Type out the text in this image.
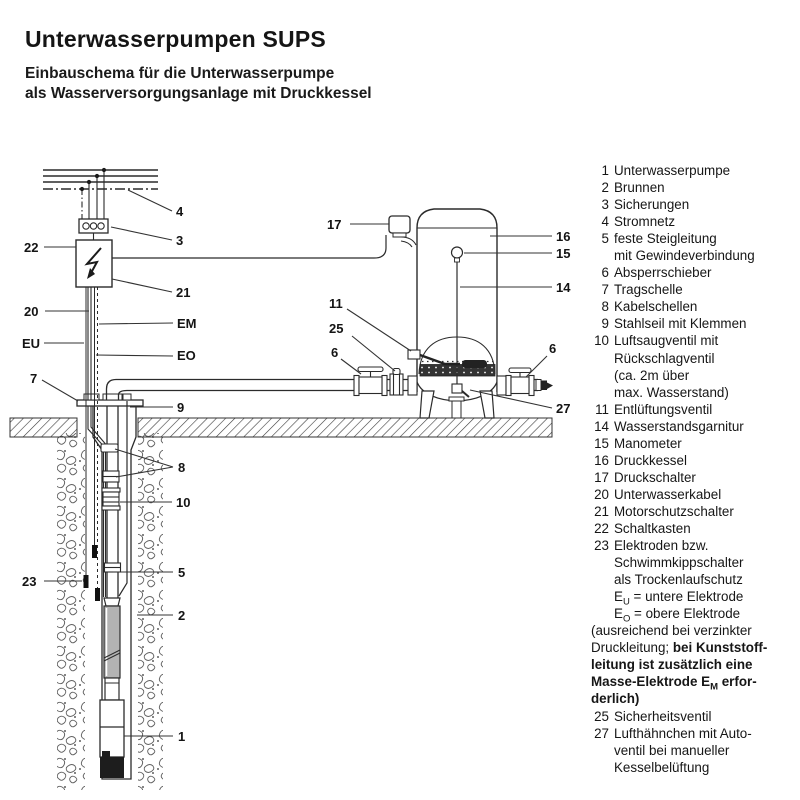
Unterwasserpumpen SUPS
Einbauschema für die Unterwasserpumpe
als Wasserversorgungsanlage mit Druckkessel
4
3
22
21
20
EM
EU
EO
7
9
17
16
15
14
11
25
6	6
27
8
10
5
2
23
1
1 Unterwasserpumpe
2 Brunnen
3 Sicherungen
4 Stromnetz
5 feste Steigleitung
mit Gewindeverbindung
6 Absperrschieber
7 Tragschelle
8 Kabelschellen
9 Stahlseil mit Klemmen
10 Luftsaugventil mit
Rückschlagventil
(ca. 2m über
max. Wasserstand)
11 Entlüftungsventil
14 Wasserstandsgarnitur
15 Manometer
16 Druckkessel
17 Druckschalter
20 Unterwasserkabel
21 Motorschutzschalter
22 Schaltkasten
23 Elektroden bzw.
Schwimmkippschalter
als Trockenlaufschutz
$E_U$ = untere Elektrode
$E_O$ = obere Elektrode
(ausreichend bei verzinkter
Druckleitung; bei Kunststoff-
leitung ist zusätzlich eine
Masse-Elektrode $E_M$ erfor-
derlich)
25 Sicherheitsventil
27 Lufthähnchen mit Auto-
ventil bei manueller
Kesselbelüftung
